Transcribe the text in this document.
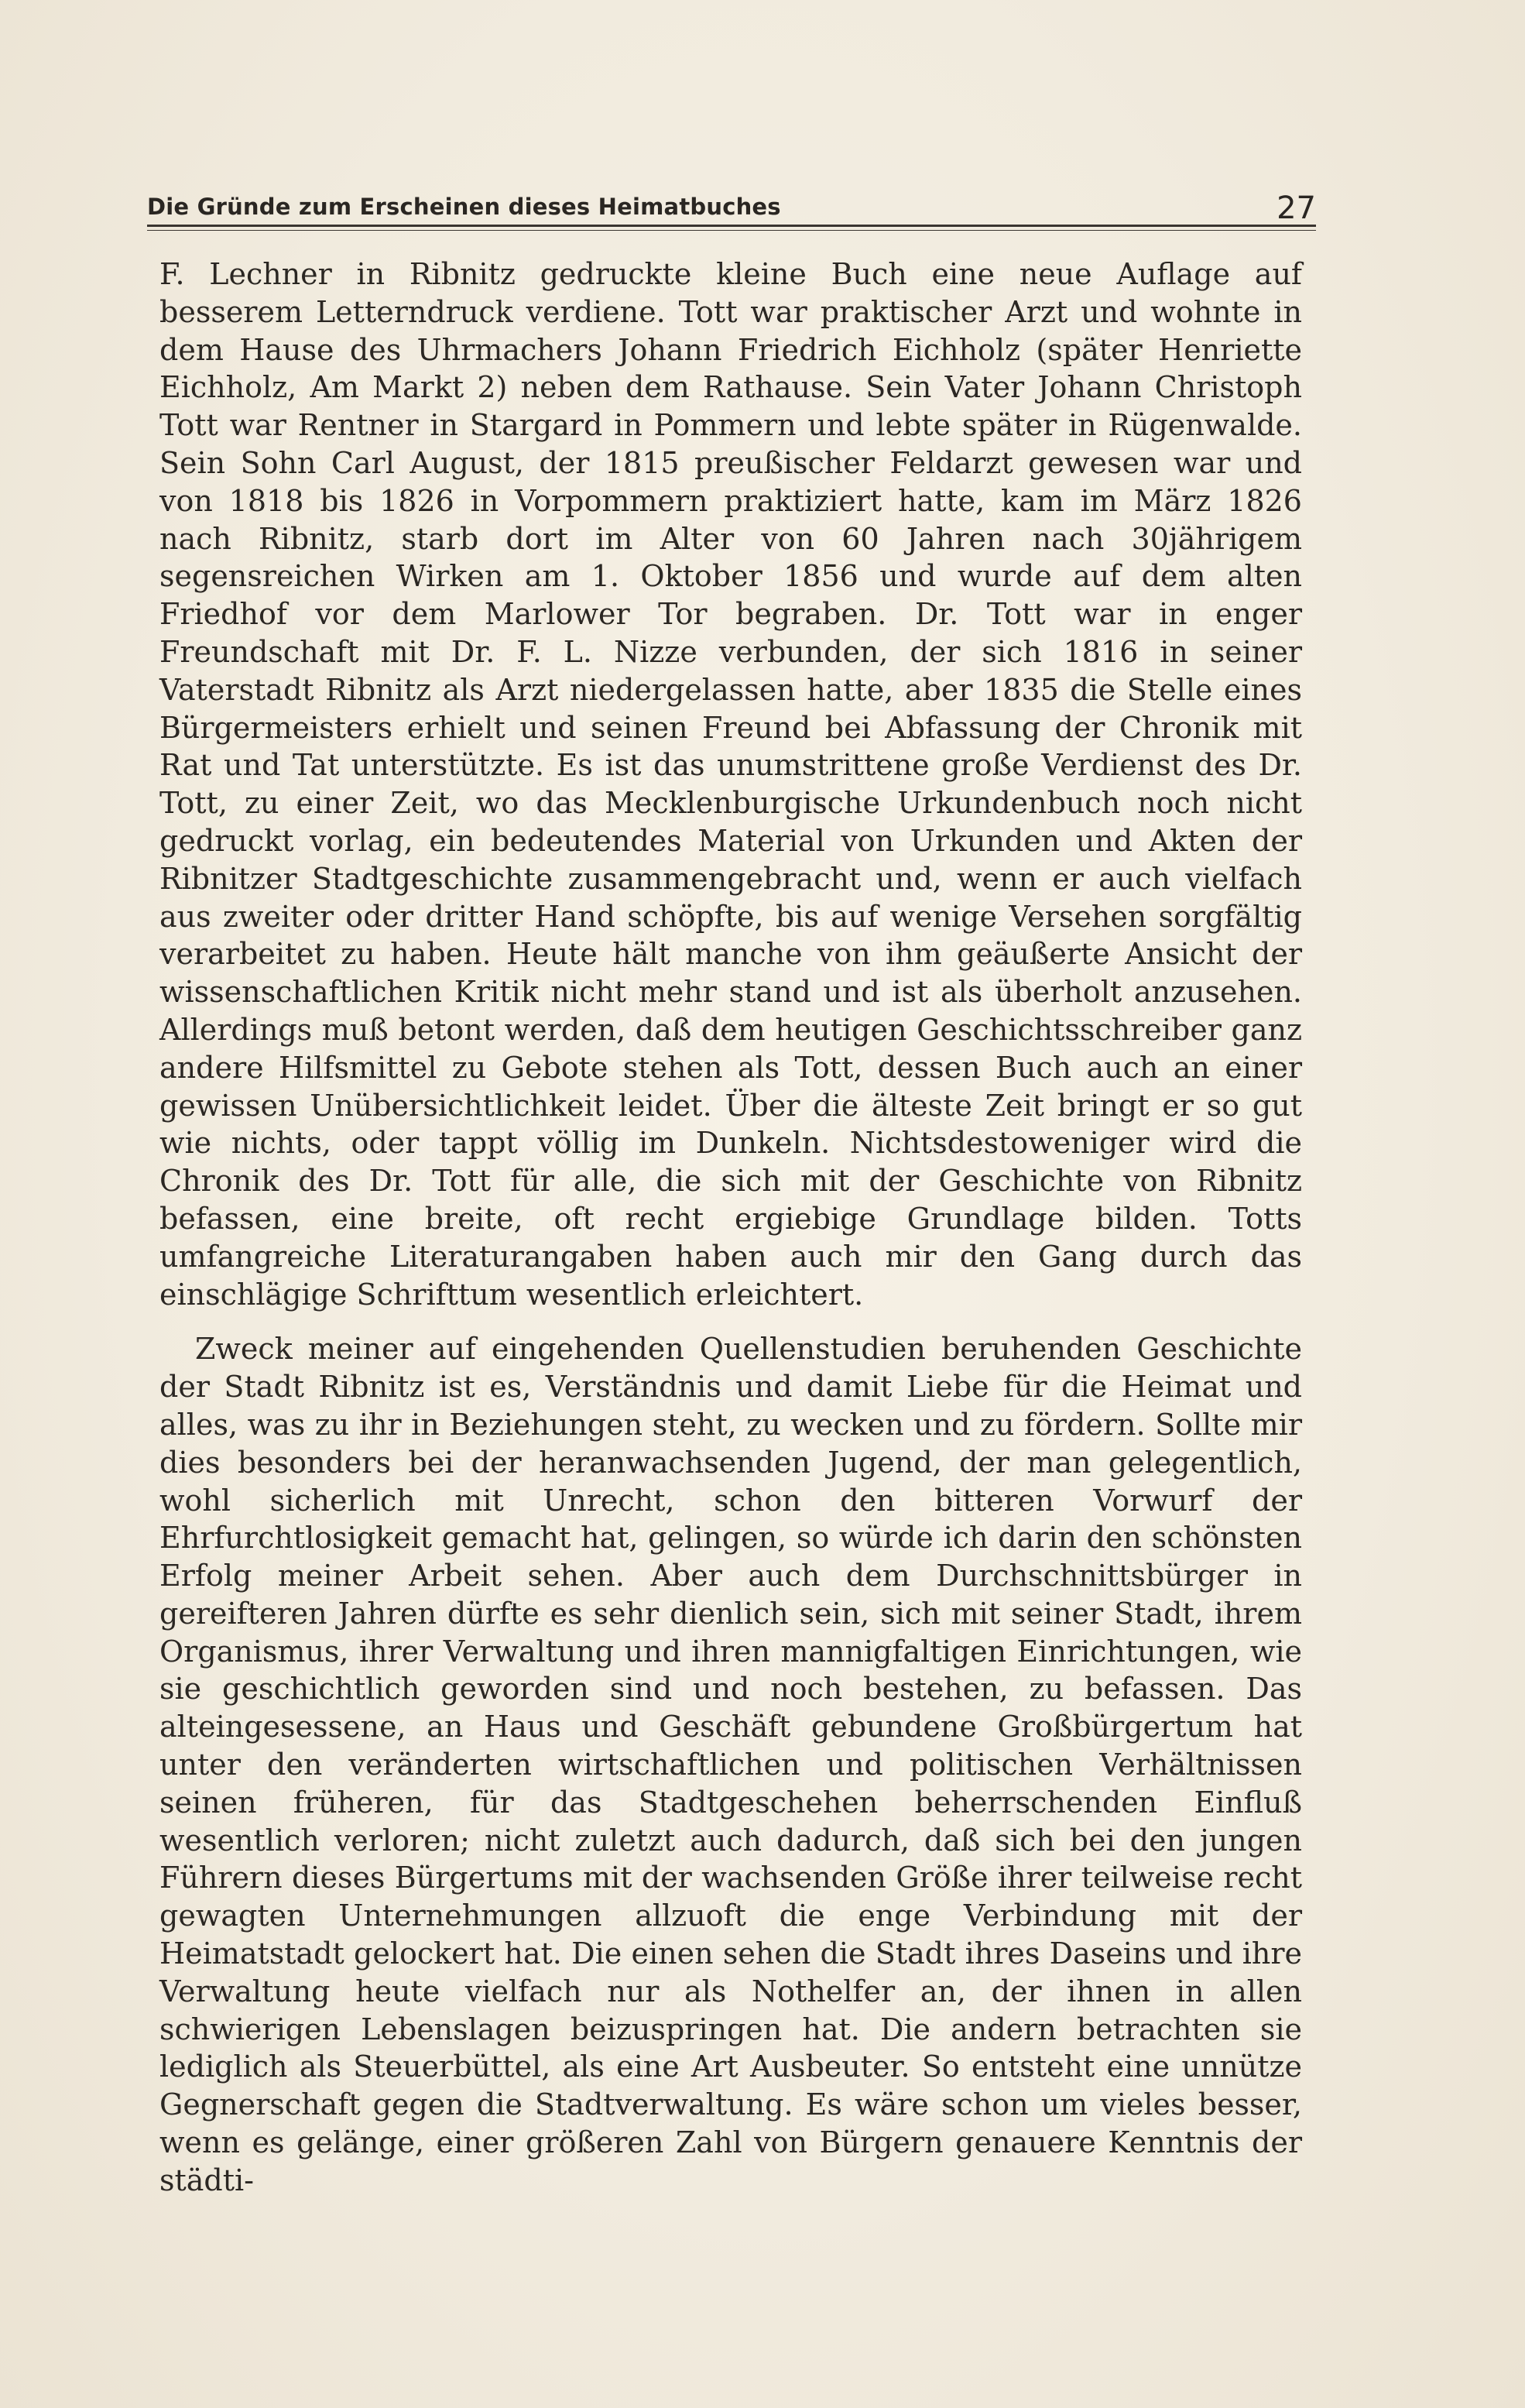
Die Gründe zum Erscheinen dieses Heimatbuches	27

F. Lechner in Ribnitz gedruckte kleine Buch eine neue Auflage auf besserem Letterndruck verdiene. Tott war praktischer Arzt und wohnte in dem Hause des Uhrmachers Johann Friedrich Eichholz (später Henriette Eichholz, Am Markt 2) neben dem Rathause. Sein Vater Johann Christoph Tott war Rentner in Stargard in Pommern und lebte später in Rügenwalde. Sein Sohn Carl August, der 1815 preußischer Feldarzt gewesen war und von 1818 bis 1826 in Vorpommern praktiziert hatte, kam im März 1826 nach Ribnitz, starb dort im Alter von 60 Jahren nach 30jährigem segensreichen Wirken am 1. Oktober 1856 und wurde auf dem alten Friedhof vor dem Marlower Tor begraben. Dr. Tott war in enger Freundschaft mit Dr. F. L. Nizze verbunden, der sich 1816 in seiner Vaterstadt Ribnitz als Arzt niedergelassen hatte, aber 1835 die Stelle eines Bürgermeisters erhielt und seinen Freund bei Abfassung der Chronik mit Rat und Tat unterstützte. Es ist das unumstrittene große Verdienst des Dr. Tott, zu einer Zeit, wo das Mecklenburgische Urkundenbuch noch nicht gedruckt vorlag, ein bedeutendes Material von Urkunden und Akten der Ribnitzer Stadtgeschichte zusammengebracht und, wenn er auch vielfach aus zweiter oder dritter Hand schöpfte, bis auf wenige Versehen sorgfältig verarbeitet zu haben. Heute hält manche von ihm geäußerte Ansicht der wissenschaftlichen Kritik nicht mehr stand und ist als überholt anzusehen. Allerdings muß betont werden, daß dem heutigen Geschichtsschreiber ganz andere Hilfsmittel zu Gebote stehen als Tott, dessen Buch auch an einer gewissen Unübersichtlichkeit leidet. Über die älteste Zeit bringt er so gut wie nichts, oder tappt völlig im Dunkeln. Nichtsdestoweniger wird die Chronik des Dr. Tott für alle, die sich mit der Geschichte von Ribnitz befassen, eine breite, oft recht ergiebige Grundlage bilden. Totts umfangreiche Literaturangaben haben auch mir den Gang durch das einschlägige Schrifttum wesentlich erleichtert.

Zweck meiner auf eingehenden Quellenstudien beruhenden Geschichte der Stadt Ribnitz ist es, Verständnis und damit Liebe für die Heimat und alles, was zu ihr in Beziehungen steht, zu wecken und zu fördern. Sollte mir dies besonders bei der heranwachsenden Jugend, der man gelegentlich, wohl sicherlich mit Unrecht, schon den bitteren Vorwurf der Ehrfurchtlosigkeit gemacht hat, gelingen, so würde ich darin den schönsten Erfolg meiner Arbeit sehen. Aber auch dem Durchschnittsbürger in gereifteren Jahren dürfte es sehr dienlich sein, sich mit seiner Stadt, ihrem Organismus, ihrer Verwaltung und ihren mannigfaltigen Einrichtungen, wie sie geschichtlich geworden sind und noch bestehen, zu befassen. Das alteingesessene, an Haus und Geschäft gebundene Großbürgertum hat unter den veränderten wirtschaftlichen und politischen Verhältnissen seinen früheren, für das Stadtgeschehen beherrschenden Einfluß wesentlich verloren; nicht zuletzt auch dadurch, daß sich bei den jungen Führern dieses Bürgertums mit der wachsenden Größe ihrer teilweise recht gewagten Unternehmungen allzuoft die enge Verbindung mit der Heimatstadt gelockert hat. Die einen sehen die Stadt ihres Daseins und ihre Verwaltung heute vielfach nur als Nothelfer an, der ihnen in allen schwierigen Lebenslagen beizuspringen hat. Die andern betrachten sie lediglich als Steuerbüttel, als eine Art Ausbeuter. So entsteht eine unnütze Gegnerschaft gegen die Stadtverwaltung. Es wäre schon um vieles besser, wenn es gelänge, einer größeren Zahl von Bürgern genauere Kenntnis der städti-
